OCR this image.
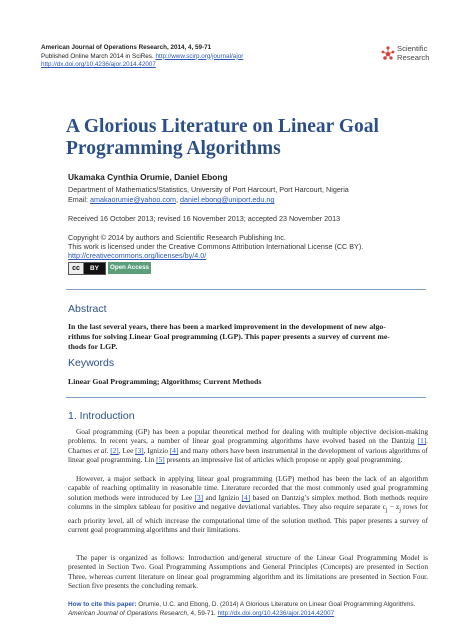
American Journal of Operations Research, 2014, 4, 59-71
Published Online March 2014 in SciRes. http://www.scirp.org/journal/ajor
http://dx.doi.org/10.4236/ajor.2014.42007
Scientific
Research
A Glorious Literature on Linear Goal
Programming Algorithms
Ukamaka Cynthia Orumie, Daniel Ebong
Department of Mathematics/Statistics, University of Port Harcourt, Port Harcourt, Nigeria
Email: amakaorumie@yahoo.com, daniel.ebong@uniport.edu.ng
Received 16 October 2013; revised 16 November 2013; accepted 23 November 2013
Copyright © 2014 by authors and Scientific Research Publishing Inc.
This work is licensed under the Creative Commons Attribution International License (CC BY).
http://creativecommons.org/licenses/by/4.0/
cc	BY	Open Access
Abstract
In the last several years, there has been a marked improvement in the development of new algo-
rithms for solving Linear Goal programming (LGP). This paper presents a survey of current me-
thods for LGP.
Keywords
Linear Goal Programming; Algorithms; Current Methods
1. Introduction
Goal programming (GP) has been a popular theoretical method for dealing with multiple objective decision-making problems. In recent years, a number of linear goal programming algorithms have evolved based on the Dantzig [1]. Charnes et al. [2], Lee [3], Ignizio [4] and many others have been instrumental in the development of various algorithms of linear goal programming. Lin [5] presents an impressive list of articles which propose or apply goal programming.
However, a major setback in applying linear goal programming (LGP) method has been the lack of an algorithm capable of reaching optimality in reasonable time. Literature recorded that the most commonly used goal programming solution methods were introduced by Lee [3] and Ignizio [4] based on Dantzig’s simplex method. Both methods require columns in the simplex tableau for positive and negative deviational variables. They also require separate $c_j - z_j$ rows for each priority level, all of which increase the computational time of the solution method. This paper presents a survey of current goal programming algorithms and their limitations.
The paper is organized as follows: Introduction and/general structure of the Linear Goal Programming Model is presented in Section Two. Goal Programming Assumptions and General Principles (Concepts) are presented in Section Three, whereas current literature on linear goal programming algorithm and its limitations are presented in Section Four. Section five presents the concluding remark.
How to cite this paper: Orumie, U.C. and Ebong, D. (2014) A Glorious Literature on Linear Goal Programming Algorithms.
American Journal of Operations Research, 4, 59-71. http://dx.doi.org/10.4236/ajor.2014.42007
